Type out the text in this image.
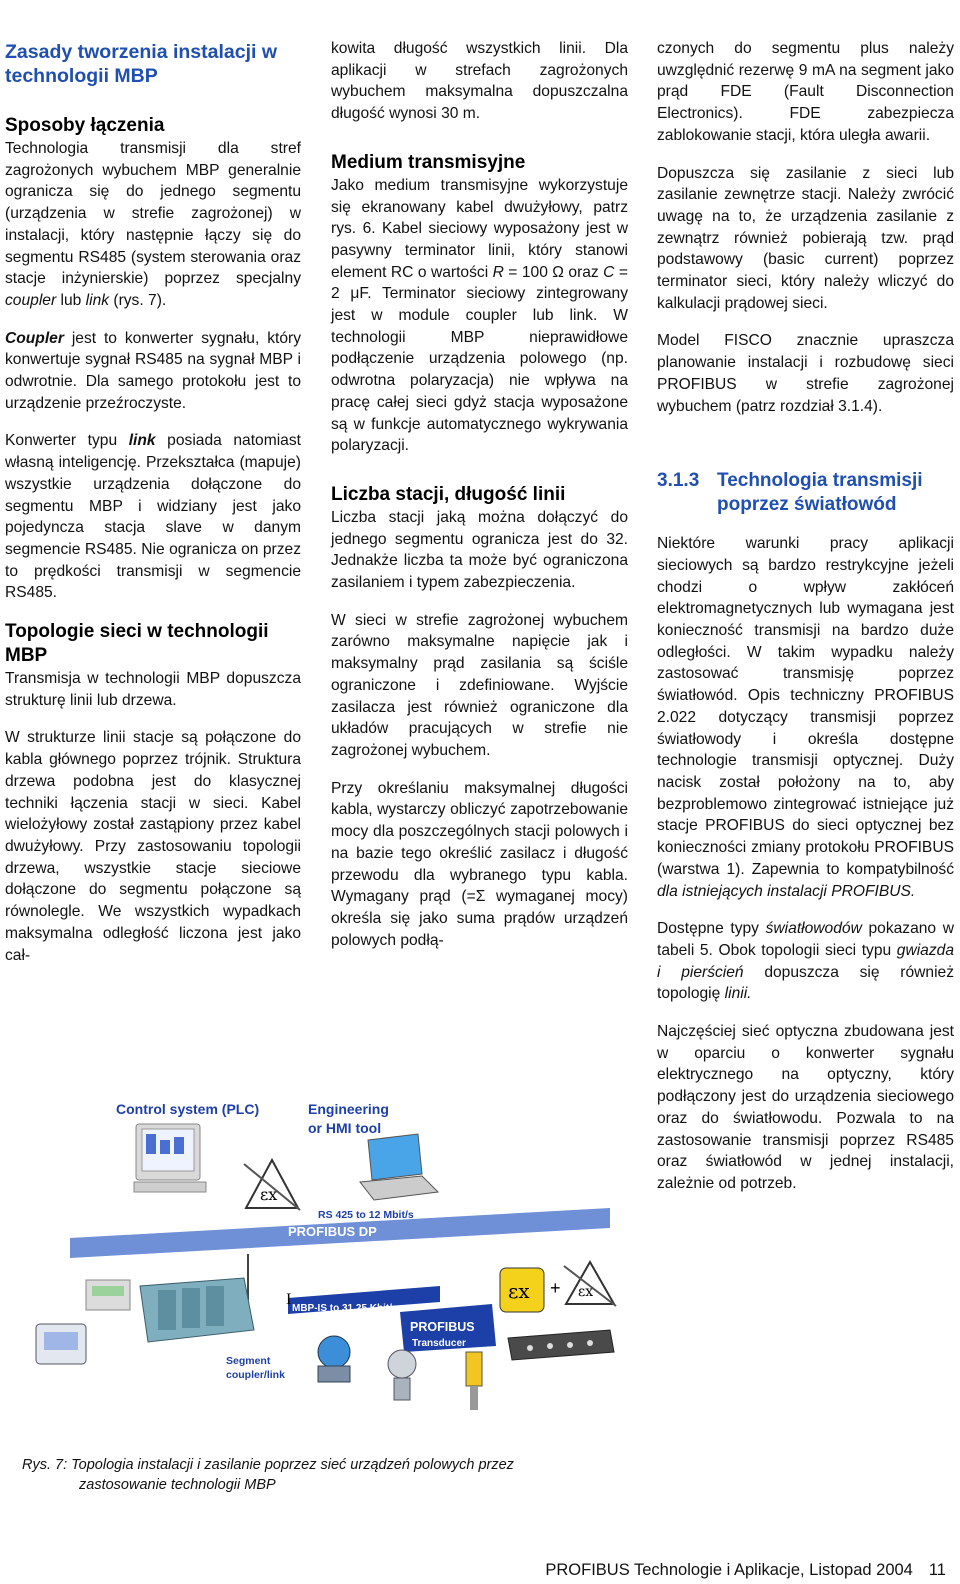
Zasady tworzenia instalacji w technologii MBP
Sposoby łączenia

Technologia transmisji dla stref zagrożonych wybuchem MBP generalnie ogranicza się do jednego segmentu (urządzenia w strefie zagrożonej) w instalacji, który następnie łączy się do segmentu RS485 (system sterowania oraz stacje inżynierskie) poprzez specjalny coupler lub link (rys. 7).

Coupler jest to konwerter sygnału, który konwertuje sygnał RS485 na sygnał MBP i odwrotnie. Dla samego protokołu jest to urządzenie przeźroczyste.

Konwerter typu link posiada natomiast własną inteligencję. Przekształca (mapuje) wszystkie urządzenia dołączone do segmentu MBP i widziany jest jako pojedyncza stacja slave w danym segmencie RS485. Nie ogranicza on przez to prędkości transmisji w segmencie RS485.

Topologie sieci w technologii MBP

Transmisja w technologii MBP dopuszcza strukturę linii lub drzewa.

W strukturze linii stacje są połączone do kabla głównego poprzez trójnik. Struktura drzewa podobna jest do klasycznej techniki łączenia stacji w sieci. Kabel wielożyłowy został zastąpiony przez kabel dwużyłowy. Przy zastosowaniu topologii drzewa, wszystkie stacje sieciowe dołączone do segmentu połączone są równolegle. We wszystkich wypadkach maksymalna odległość liczona jest jako cał-

kowita długość wszystkich linii. Dla aplikacji w strefach zagrożonych wybuchem maksymalna dopuszczalna długość wynosi 30 m.

Medium transmisyjne

Jako medium transmisyjne wykorzystuje się ekranowany kabel dwużyłowy, patrz rys. 6. Kabel sieciowy wyposażony jest w pasywny terminator linii, który stanowi element RC o wartości R = 100 Ω oraz C = 2 μF. Terminator sieciowy zintegrowany jest w module coupler lub link. W technologii MBP nieprawidłowe podłączenie urządzenia polowego (np. odwrotna polaryzacja) nie wpływa na pracę całej sieci gdyż stacja wyposażone są w funkcje automatycznego wykrywania polaryzacji.

Liczba stacji, długość linii

Liczba stacji jaką można dołączyć do jednego segmentu ogranicza jest do 32. Jednakże liczba ta może być ograniczona zasilaniem i typem zabezpieczenia.

W sieci w strefie zagrożonej wybuchem zarówno maksymalne napięcie jak i maksymalny prąd zasilania są ściśle ograniczone i zdefiniowane. Wyjście zasilacza jest również ograniczone dla układów pracujących w strefie nie zagrożonej wybuchem.

Przy określaniu maksymalnej długości kabla, wystarczy obliczyć zapotrzebowanie mocy dla poszczególnych stacji polowych i na bazie tego określić zasilacz i długość przewodu dla wybranego typu kabla. Wymagany prąd (=Σ wymaganej mocy) określa się jako suma prądów urządzeń polowych podłą-

czonych do segmentu plus należy uwzględnić rezerwę 9 mA na segment jako prąd FDE (Fault Disconnection Electronics). FDE zabezpiecza zablokowanie stacji, która uległa awarii.

Dopuszcza się zasilanie z sieci lub zasilanie zewnętrze stacji. Należy zwrócić uwagę na to, że urządzenia zasilanie z zewnątrz również pobierają tzw. prąd podstawowy (basic current) poprzez terminator sieci, który należy wliczyć do kalkulacji prądowej sieci.

Model FISCO znacznie upraszcza planowanie instalacji i rozbudowę sieci PROFIBUS w strefie zagrożonej wybuchem (patrz rozdział 3.1.4).

3.1.3 Technologia transmisji poprzez światłowód

Niektóre warunki pracy aplikacji sieciowych są bardzo restrykcyjne jeżeli chodzi o wpływ zakłóceń elektromagnetycznych lub wymagana jest konieczność transmisji na bardzo duże odległości. W takim wypadku należy zastosować transmisję poprzez światłowód. Opis techniczny PROFIBUS 2.022 dotyczący transmisji poprzez światłowody i określa dostępne technologie transmisji optycznej. Duży nacisk został położony na to, aby bezproblemowo zintegrować istniejące już stacje PROFIBUS do sieci optycznej bez konieczności zmiany protokołu PROFIBUS (warstwa 1). Zapewnia to kompatybilność dla istniejących instalacji PROFIBUS.

Dostępne typy światłowodów pokazano w tabeli 5. Obok topologii sieci typu gwiazda i pierścień dopuszcza się również topologię linii.

Najczęściej sieć optyczna zbudowana jest w oparciu o konwerter sygnału elektrycznego na optyczny, który podłączony jest do urządzenia sieciowego oraz do światłowodu. Pozwala to na zastosowanie transmisji poprzez RS485 oraz światłowód w jednej instalacji, zależnie od potrzeb.

PROFIBUS DP
RS 425 to 12 Mbit/s
Control system (PLC)	Engineering or HMI tool
εx
MBP-IS to 31.25 Kbit/s
I
PROFIBUS
Transducer
εx + εx
Segment coupler/link
Rys. 7: Topologia instalacji i zasilanie poprzez sieć urządzeń polowych przez
zastosowanie technologii MBP
PROFIBUS Technologie i Aplikacje, Listopad 2004 11
